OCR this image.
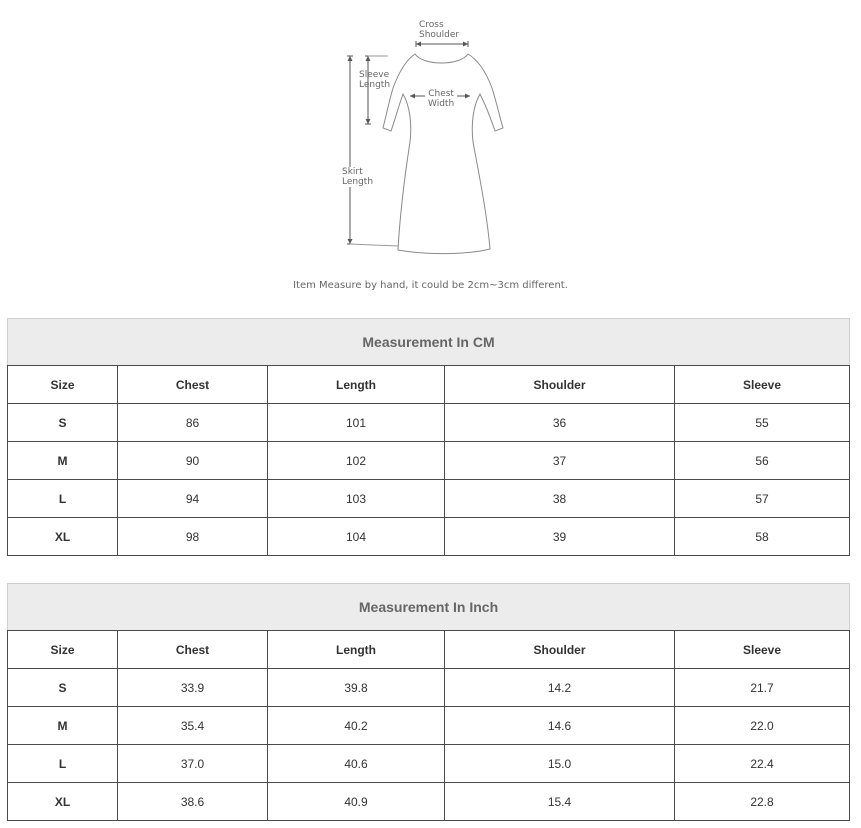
Cross
Shoulder
Sleeve
Length
Chest
Width
Skirt
Length
Item Measure by hand, it could be 2cm~3cm different.
Measurement In CM				
Size	Chest	Length	Shoulder	Sleeve
S	86	101	36	55
M	90	102	37	56
L	94	103	38	57
XL	98	104	39	58
Measurement In Inch				
Size	Chest	Length	Shoulder	Sleeve
S	33.9	39.8	14.2	21.7
M	35.4	40.2	14.6	22.0
L	37.0	40.6	15.0	22.4
XL	38.6	40.9	15.4	22.8
